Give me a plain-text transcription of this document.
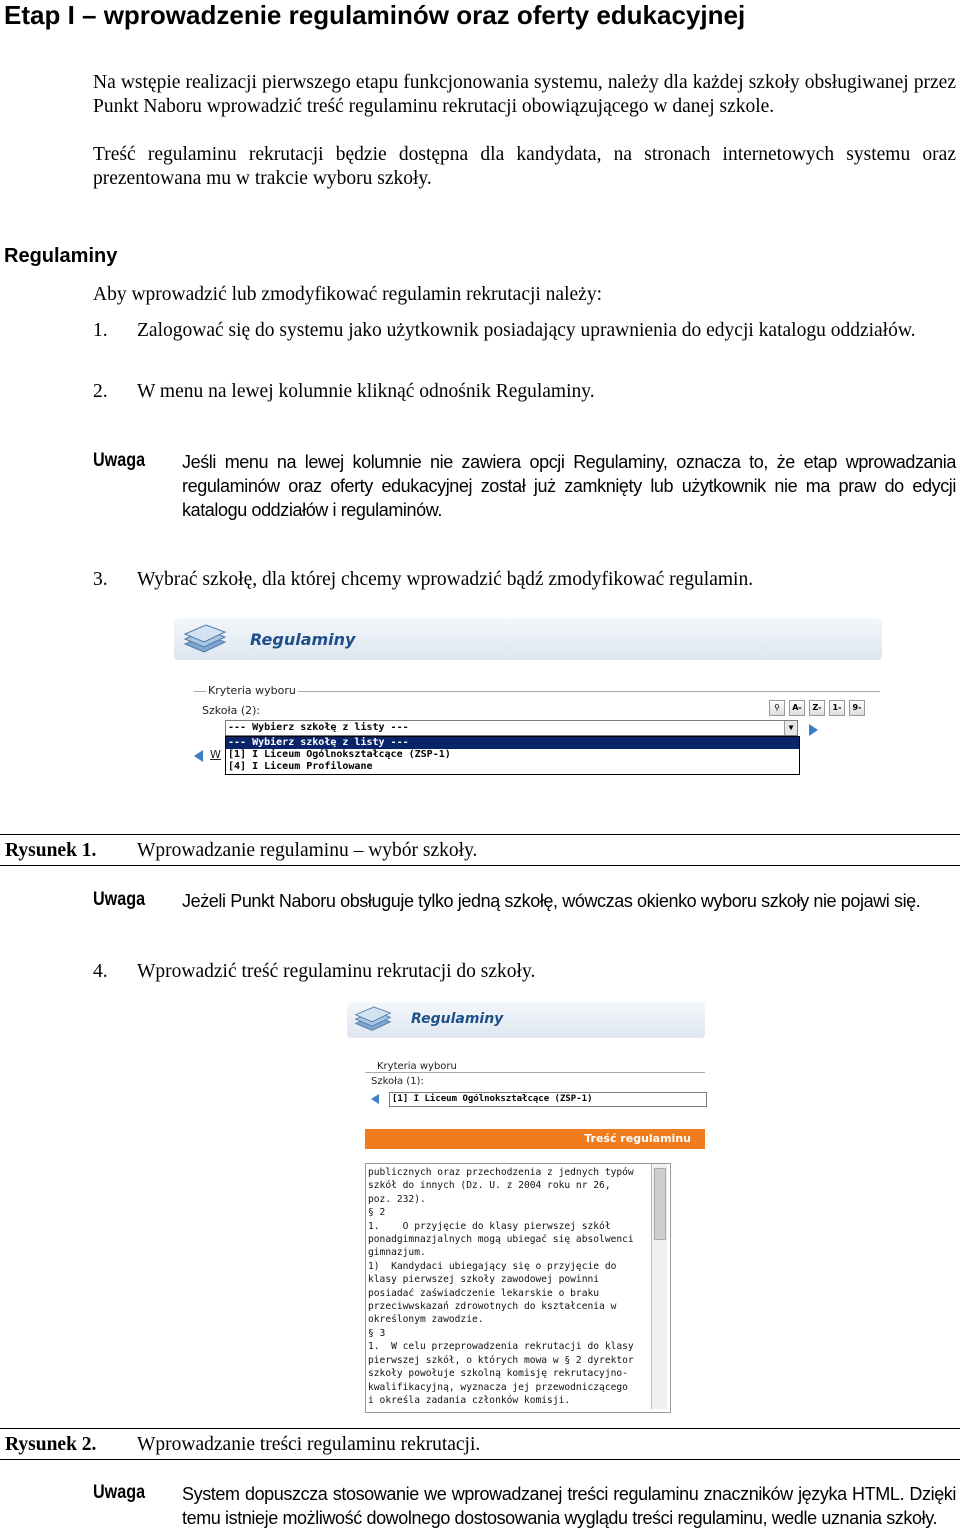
Etap I – wprowadzenie regulaminów oraz oferty edukacyjnej
Na wstępie realizacji pierwszego etapu funkcjonowania systemu, należy dla każdej szkoły obsługiwanej przez Punkt Naboru wprowadzić treść regulaminu rekrutacji obowiązującego w danej szkole.
Treść regulaminu rekrutacji będzie dostępna dla kandydata, na stronach internetowych systemu oraz prezentowana mu w trakcie wyboru szkoły.
Regulaminy
Aby wprowadzić lub zmodyfikować regulamin rekrutacji należy:
1. Zalogować się do systemu jako użytkownik posiadający uprawnienia do edycji katalogu oddziałów.
2. W menu na lewej kolumnie kliknąć odnośnik Regulaminy.
Uwaga Jeśli menu na lewej kolumnie nie zawiera opcji Regulaminy, oznacza to, że etap wprowadzania regulaminów oraz oferty edukacyjnej został już zamknięty lub użytkownik nie ma praw do edycji katalogu oddziałów i regulaminów.
3. Wybrać szkołę, dla której chcemy wprowadzić bądź zmodyfikować regulamin.
Regulaminy
Kryteria wyboru
Szkoła (2):	⚲	A-	Z-	1-	9-
--- Wybierz szkołę z listy ---	▼
--- Wybierz szkołę z listy ---
[1] I Liceum Ogólnokształcące (ZSP-1)
[4] I Liceum Profilowane
W
Rysunek 1. Wprowadzanie regulaminu – wybór szkoły.
Uwaga Jeżeli Punkt Naboru obsługuje tylko jedną szkołę, wówczas okienko wyboru szkoły nie pojawi się.
4. Wprowadzić treść regulaminu rekrutacji do szkoły.
Regulaminy
Kryteria wyboru
Szkoła (1):
[1] I Liceum Ogólnokształcące (ZSP-1)
Treść regulaminu
publicznych oraz przechodzenia z jednych typów
szkół do innych (Dz. U. z 2004 roku nr 26,
poz. 232).
§ 2
1.    O przyjęcie do klasy pierwszej szkół
ponadgimnazjalnych mogą ubiegać się absolwenci
gimnazjum.
1)  Kandydaci ubiegający się o przyjęcie do
klasy pierwszej szkoły zawodowej powinni
posiadać zaświadczenie lekarskie o braku
przeciwwskazań zdrowotnych do kształcenia w
określonym zawodzie.
§ 3
1.  W celu przeprowadzenia rekrutacji do klasy
pierwszej szkół, o których mowa w § 2 dyrektor
szkoły powołuje szkolną komisję rekrutacyjno-
kwalifikacyjną, wyznacza jej przewodniczącego
i określa zadania członków komisji.
Rysunek 2. Wprowadzanie treści regulaminu rekrutacji.
Uwaga System dopuszcza stosowanie we wprowadzanej treści regulaminu znaczników języka HTML. Dzięki temu istnieje możliwość dowolnego dostosowania wyglądu treści regulaminu, wedle uznania szkoły.
